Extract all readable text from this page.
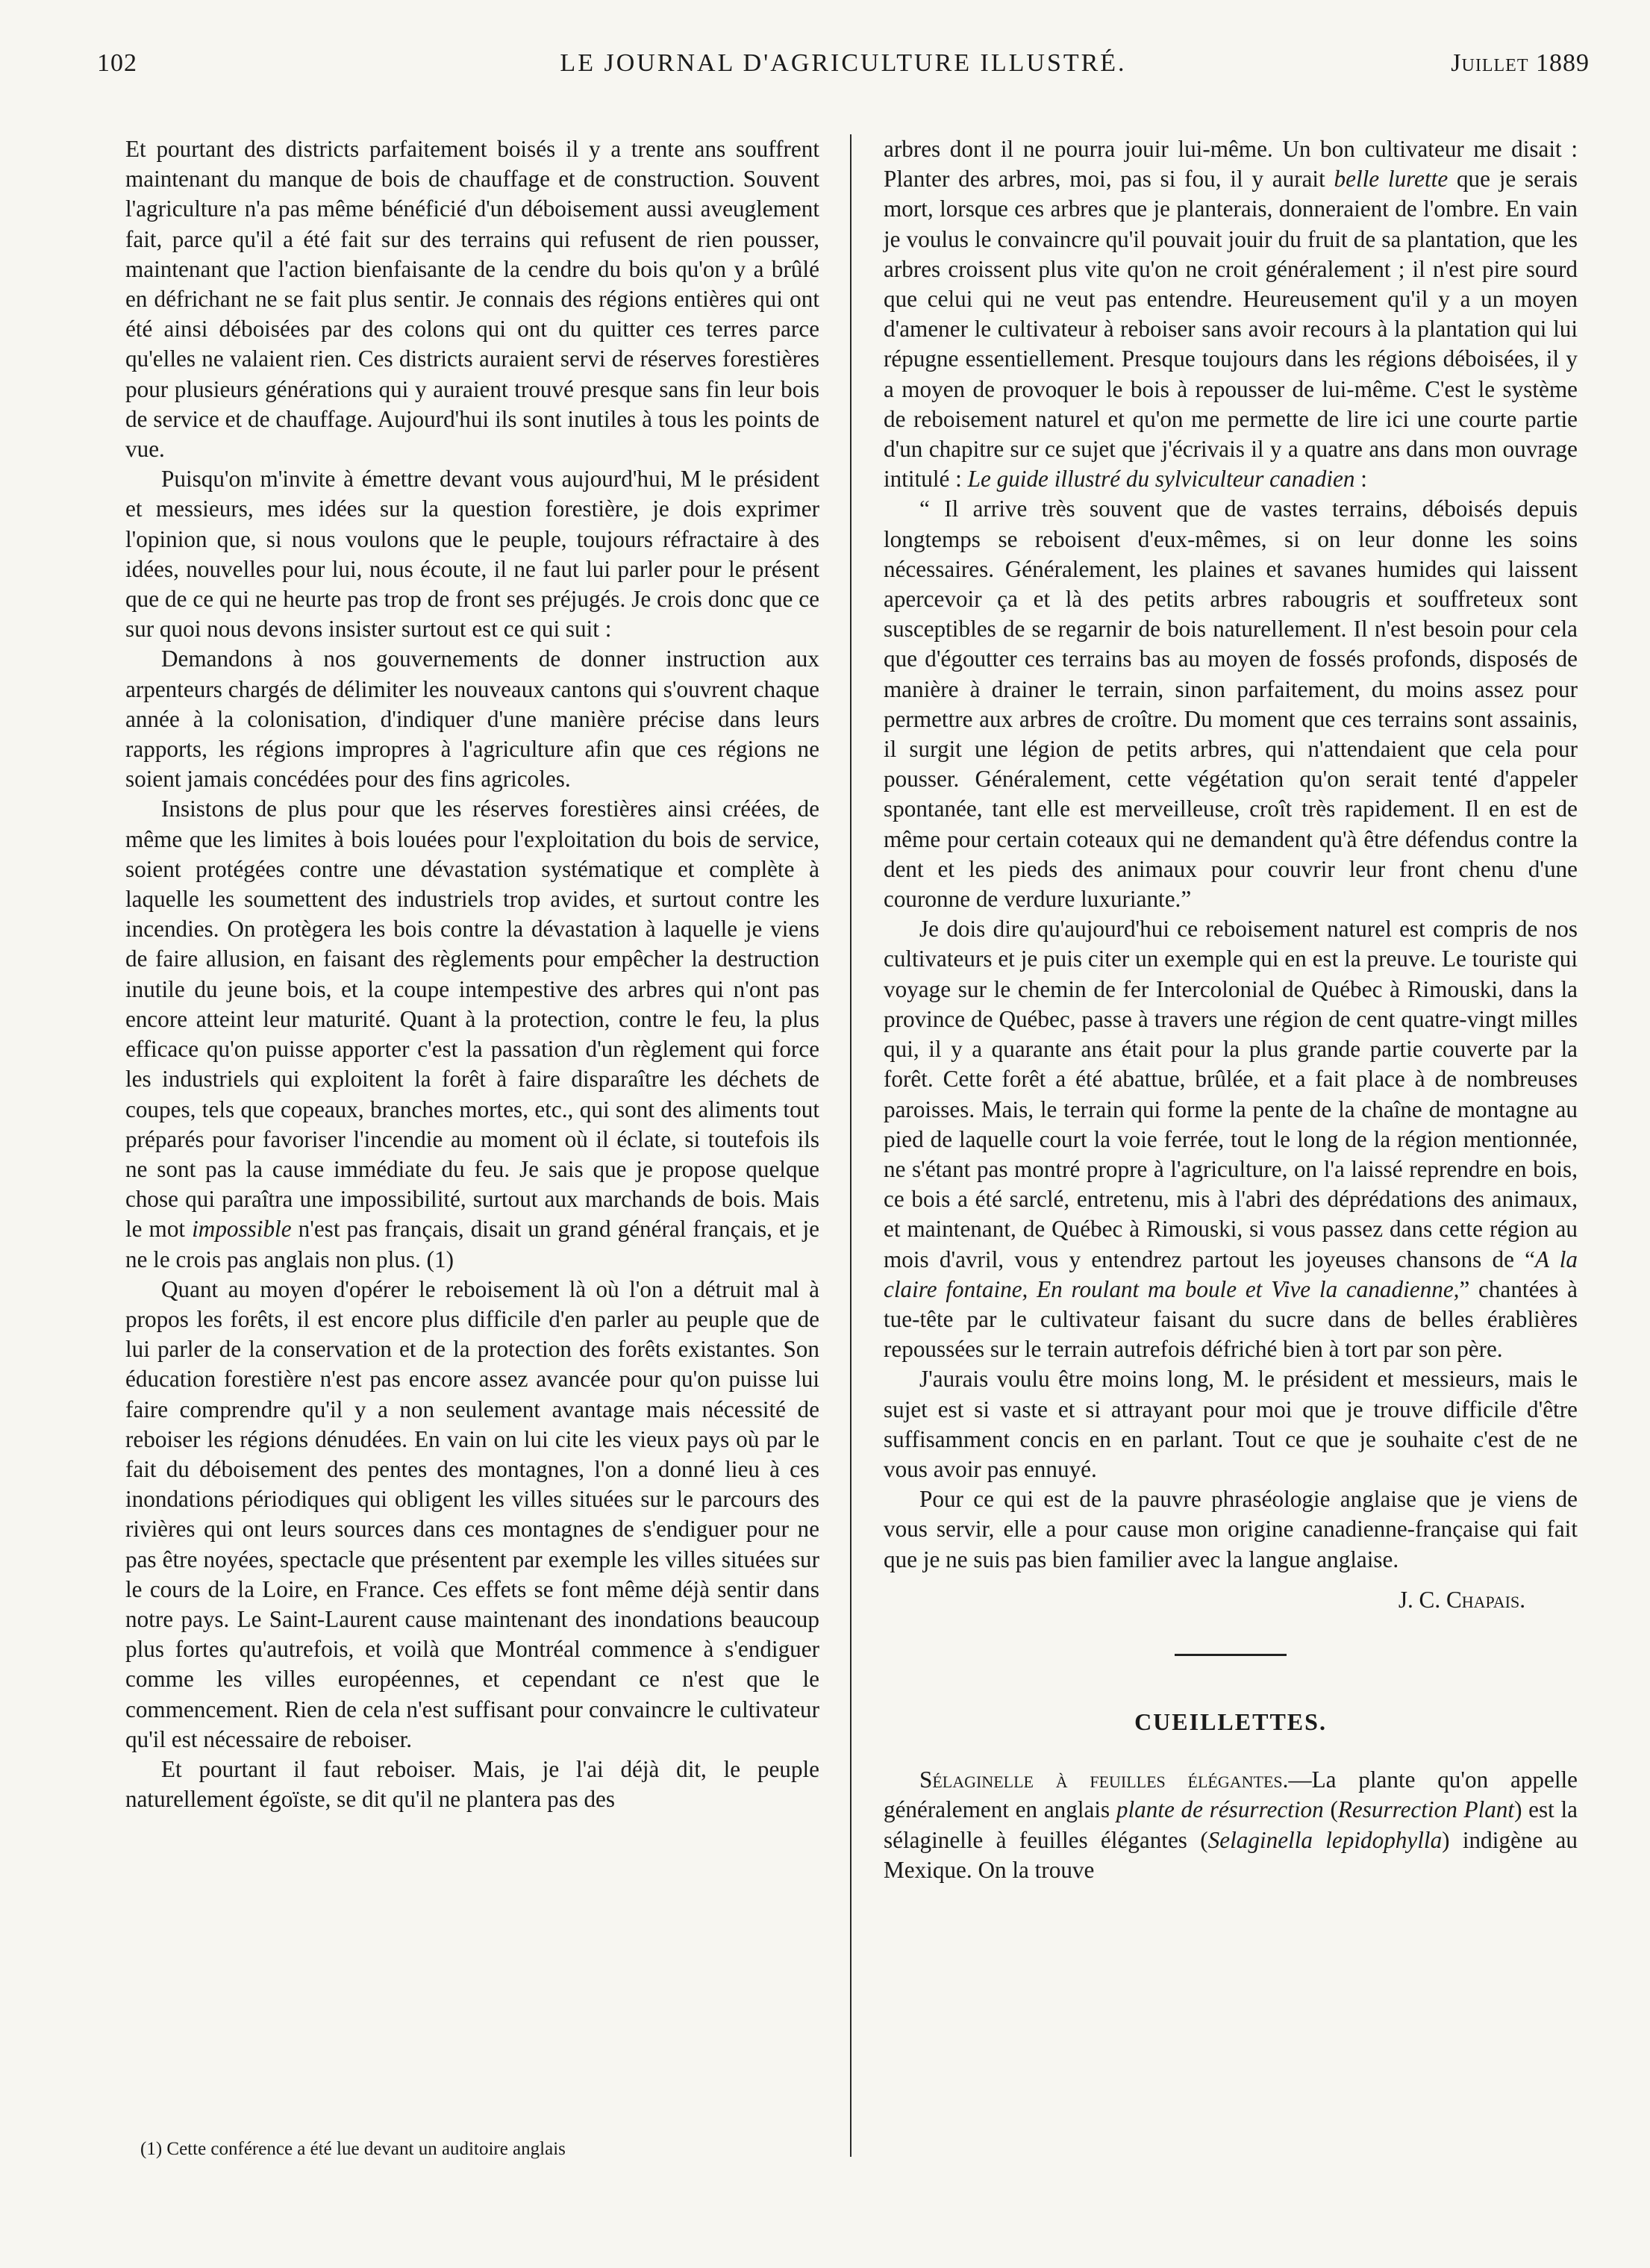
102	LE JOURNAL D'AGRICULTURE ILLUSTRÉ.	Juillet 1889

Et pourtant des districts parfaitement boisés il y a trente ans souffrent maintenant du manque de bois de chauffage et de construction. Souvent l'agriculture n'a pas même bénéficié d'un déboisement aussi aveuglement fait, parce qu'il a été fait sur des terrains qui refusent de rien pousser, maintenant que l'action bienfaisante de la cendre du bois qu'on y a brûlé en défrichant ne se fait plus sentir. Je connais des régions entières qui ont été ainsi déboisées par des colons qui ont du quitter ces terres parce qu'elles ne valaient rien. Ces districts auraient servi de réserves forestières pour plusieurs générations qui y auraient trouvé presque sans fin leur bois de service et de chauffage. Aujourd'hui ils sont inutiles à tous les points de vue.

Puisqu'on m'invite à émettre devant vous aujourd'hui, M le président et messieurs, mes idées sur la question forestière, je dois exprimer l'opinion que, si nous voulons que le peuple, toujours réfractaire à des idées, nouvelles pour lui, nous écoute, il ne faut lui parler pour le présent que de ce qui ne heurte pas trop de front ses préjugés. Je crois donc que ce sur quoi nous devons insister surtout est ce qui suit :

Demandons à nos gouvernements de donner instruction aux arpenteurs chargés de délimiter les nouveaux cantons qui s'ouvrent chaque année à la colonisation, d'indiquer d'une manière précise dans leurs rapports, les régions impropres à l'agriculture afin que ces régions ne soient jamais concédées pour des fins agricoles.

Insistons de plus pour que les réserves forestières ainsi créées, de même que les limites à bois louées pour l'exploitation du bois de service, soient protégées contre une dévastation systématique et complète à laquelle les soumettent des industriels trop avides, et surtout contre les incendies. On protègera les bois contre la dévastation à laquelle je viens de faire allusion, en faisant des règlements pour empêcher la destruction inutile du jeune bois, et la coupe intempestive des arbres qui n'ont pas encore atteint leur maturité. Quant à la protection, contre le feu, la plus efficace qu'on puisse apporter c'est la passation d'un règlement qui force les industriels qui exploitent la forêt à faire disparaître les déchets de coupes, tels que copeaux, branches mortes, etc., qui sont des aliments tout préparés pour favoriser l'incendie au moment où il éclate, si toutefois ils ne sont pas la cause immédiate du feu. Je sais que je propose quelque chose qui paraîtra une impossibilité, surtout aux marchands de bois. Mais le mot impossible n'est pas français, disait un grand général français, et je ne le crois pas anglais non plus. (1)

Quant au moyen d'opérer le reboisement là où l'on a détruit mal à propos les forêts, il est encore plus difficile d'en parler au peuple que de lui parler de la conservation et de la protection des forêts existantes. Son éducation forestière n'est pas encore assez avancée pour qu'on puisse lui faire comprendre qu'il y a non seulement avantage mais nécessité de reboiser les régions dénudées. En vain on lui cite les vieux pays où par le fait du déboisement des pentes des montagnes, l'on a donné lieu à ces inondations périodiques qui obligent les villes situées sur le parcours des rivières qui ont leurs sources dans ces montagnes de s'endiguer pour ne pas être noyées, spectacle que présentent par exemple les villes situées sur le cours de la Loire, en France. Ces effets se font même déjà sentir dans notre pays. Le Saint-Laurent cause maintenant des inondations beaucoup plus fortes qu'autrefois, et voilà que Montréal commence à s'endiguer comme les villes européennes, et cependant ce n'est que le commencement. Rien de cela n'est suffisant pour convaincre le cultivateur qu'il est nécessaire de reboiser.

Et pourtant il faut reboiser. Mais, je l'ai déjà dit, le peuple naturellement égoïste, se dit qu'il ne plantera pas des

(1) Cette conférence a été lue devant un auditoire anglais

arbres dont il ne pourra jouir lui-même. Un bon cultivateur me disait : Planter des arbres, moi, pas si fou, il y aurait belle lurette que je serais mort, lorsque ces arbres que je planterais, donneraient de l'ombre. En vain je voulus le convaincre qu'il pouvait jouir du fruit de sa plantation, que les arbres croissent plus vite qu'on ne croit généralement ; il n'est pire sourd que celui qui ne veut pas entendre. Heureusement qu'il y a un moyen d'amener le cultivateur à reboiser sans avoir recours à la plantation qui lui répugne essentiellement. Presque toujours dans les régions déboisées, il y a moyen de provoquer le bois à repousser de lui-même. C'est le système de reboisement naturel et qu'on me permette de lire ici une courte partie d'un chapitre sur ce sujet que j'écrivais il y a quatre ans dans mon ouvrage intitulé : Le guide illustré du sylviculteur canadien :

“ Il arrive très souvent que de vastes terrains, déboisés depuis longtemps se reboisent d'eux-mêmes, si on leur donne les soins nécessaires. Généralement, les plaines et savanes humides qui laissent apercevoir ça et là des petits arbres rabougris et souffreteux sont susceptibles de se regarnir de bois naturellement. Il n'est besoin pour cela que d'égoutter ces terrains bas au moyen de fossés profonds, disposés de manière à drainer le terrain, sinon parfaitement, du moins assez pour permettre aux arbres de croître. Du moment que ces terrains sont assainis, il surgit une légion de petits arbres, qui n'attendaient que cela pour pousser. Généralement, cette végétation qu'on serait tenté d'appeler spontanée, tant elle est merveilleuse, croît très rapidement. Il en est de même pour certain coteaux qui ne demandent qu'à être défendus contre la dent et les pieds des animaux pour couvrir leur front chenu d'une couronne de verdure luxuriante.”

Je dois dire qu'aujourd'hui ce reboisement naturel est compris de nos cultivateurs et je puis citer un exemple qui en est la preuve. Le touriste qui voyage sur le chemin de fer Intercolonial de Québec à Rimouski, dans la province de Québec, passe à travers une région de cent quatre-vingt milles qui, il y a quarante ans était pour la plus grande partie couverte par la forêt. Cette forêt a été abattue, brûlée, et a fait place à de nombreuses paroisses. Mais, le terrain qui forme la pente de la chaîne de montagne au pied de laquelle court la voie ferrée, tout le long de la région mentionnée, ne s'étant pas montré propre à l'agriculture, on l'a laissé reprendre en bois, ce bois a été sarclé, entretenu, mis à l'abri des déprédations des animaux, et maintenant, de Québec à Rimouski, si vous passez dans cette région au mois d'avril, vous y entendrez partout les joyeuses chansons de “A la claire fontaine, En roulant ma boule et Vive la canadienne,” chantées à tue-tête par le cultivateur faisant du sucre dans de belles érablières repoussées sur le terrain autrefois défriché bien à tort par son père.

J'aurais voulu être moins long, M. le président et messieurs, mais le sujet est si vaste et si attrayant pour moi que je trouve difficile d'être suffisamment concis en en parlant. Tout ce que je souhaite c'est de ne vous avoir pas ennuyé.

Pour ce qui est de la pauvre phraséologie anglaise que je viens de vous servir, elle a pour cause mon origine canadienne-française qui fait que je ne suis pas bien familier avec la langue anglaise.

J. C. Chapais.
CUEILLETTES.

Sélaginelle à feuilles élégantes.—La plante qu'on appelle généralement en anglais plante de résurrection (Resurrection Plant) est la sélaginelle à feuilles élégantes (Selaginella lepidophylla) indigène au Mexique. On la trouve
